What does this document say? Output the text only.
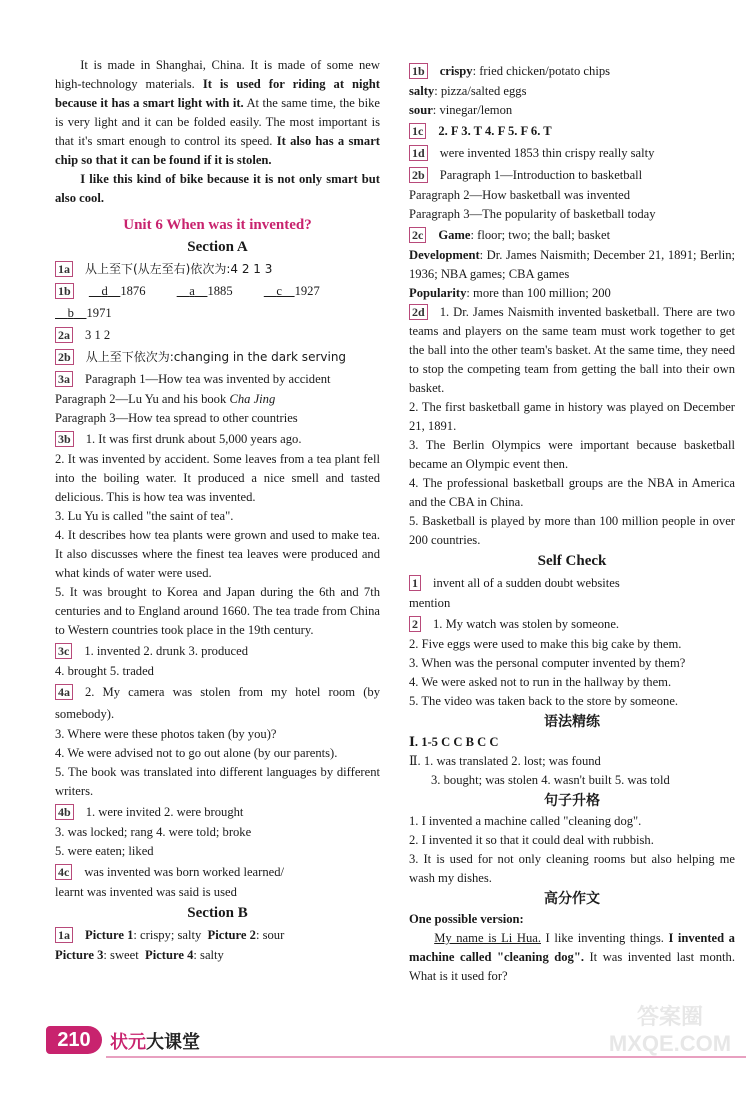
It is made in Shanghai, China. It is made of some new high-technology materials. It is used for riding at night because it has a smart light with it. At the same time, the bike is very light and it can be folded easily. The most important is that it's smart enough to control its speed. It also has a smart chip so that it can be found if it is stolen.

I like this kind of bike because it is not only smart but also cool.

Unit 6 When was it invented?
Section A

1a 从上至下(从左至右)依次为:4 2 1 3

1b d 1876	a 1885	c 1927

b 1971

2a 3 1 2

2b 从上至下依次为:changing in the dark serving

3a Paragraph 1—How tea was invented by accident

Paragraph 2—Lu Yu and his book Cha Jing

Paragraph 3—How tea spread to other countries

3b 1. It was first drunk about 5,000 years ago.

2. It was invented by accident. Some leaves from a tea plant fell into the boiling water. It produced a nice smell and tasted delicious. This is how tea was invented.

3. Lu Yu is called "the saint of tea".

4. It describes how tea plants were grown and used to make tea. It also discusses where the finest tea leaves were produced and what kinds of water were used.

5. It was brought to Korea and Japan during the 6th and 7th centuries and to England around 1660. The tea trade from China to Western countries took place in the 19th century.

3c 1. invented 2. drunk 3. produced

4. brought 5. traded

4a 2. My camera was stolen from my hotel room (by somebody).

3. Where were these photos taken (by you)?

4. We were advised not to go out alone (by our parents).

5. The book was translated into different languages by different writers.

4b 1. were invited 2. were brought

3. was locked; rang 4. were told; broke

5. were eaten; liked

4c was invented was born worked learned/

learnt was invented was said is used

Section B

1a Picture 1: crispy; salty Picture 2: sour

Picture 3: sweet Picture 4: salty

1b crispy: fried chicken/potato chips

salty: pizza/salted eggs

sour: vinegar/lemon

1c 2. F 3. T 4. F 5. F 6. T

1d were invented 1853 thin crispy really salty

2b Paragraph 1—Introduction to basketball

Paragraph 2—How basketball was invented

Paragraph 3—The popularity of basketball today

2c Game: floor; two; the ball; basket

Development: Dr. James Naismith; December 21, 1891; Berlin; 1936; NBA games; CBA games

Popularity: more than 100 million; 200

2d 1. Dr. James Naismith invented basketball. There are two teams and players on the same team must work together to get the ball into the other team's basket. At the same time, they need to stop the competing team from getting the ball into their own basket.

2. The first basketball game in history was played on December 21, 1891.

3. The Berlin Olympics were important because basketball became an Olympic event then.

4. The professional basketball groups are the NBA in America and the CBA in China.

5. Basketball is played by more than 100 million people in over 200 countries.

Self Check

1 invent all of a sudden doubt websites

mention

2 1. My watch was stolen by someone.

2. Five eggs were used to make this big cake by them.

3. When was the personal computer invented by them?

4. We were asked not to run in the hallway by them.

5. The video was taken back to the store by someone.

语法精练

Ⅰ. 1-5 C C B C C

Ⅱ. 1. was translated 2. lost; was found

3. bought; was stolen 4. wasn't built 5. was told

句子升格

1. I invented a machine called "cleaning dog".

2. I invented it so that it could deal with rubbish.

3. It is used for not only cleaning rooms but also helping me wash my dishes.

高分作文

One possible version:

My name is Li Hua. I like inventing things. I invented a machine called "cleaning dog". It was invented last month. What is it used for?

210	状元大课堂
答案圈 MXQE.COM
